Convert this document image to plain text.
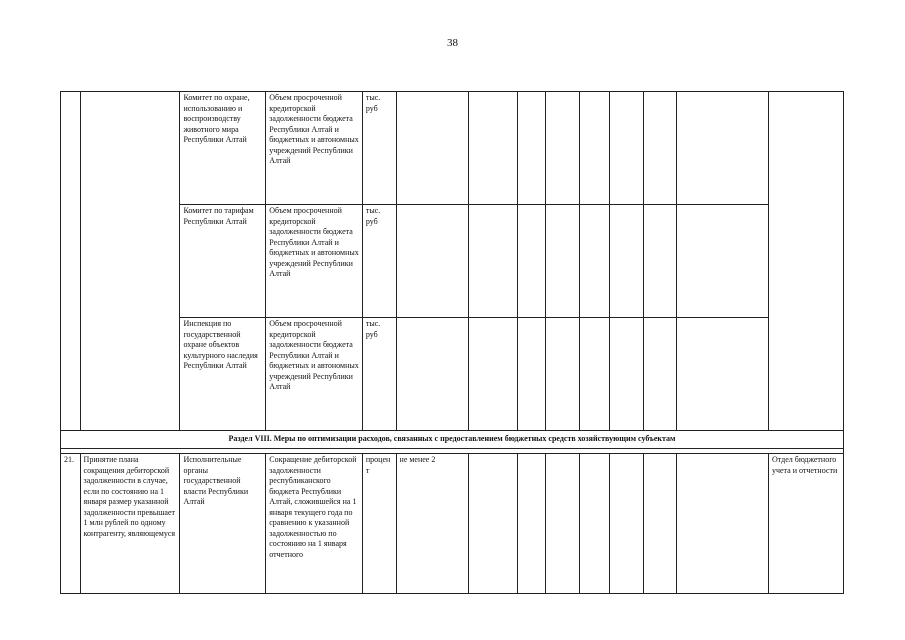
38

		Комитет по охране, использованию и воспроизводству животного мира Республики Алтай	Объем просроченной кредиторской задолженности бюджета Республики Алтай и бюджетных и автономных учреждений Республики Алтай	тыс. руб									

		Комитет по тарифам Республики Алтай	Объем просроченной кредиторской задолженности бюджета Республики Алтай и бюджетных и автономных учреждений Республики Алтай	тыс. руб									

		Инспекция по государственной охране объектов культурного наследия Республики Алтай	Объем просроченной кредиторской задолженности бюджета Республики Алтай и бюджетных и автономных учреждений Республики Алтай	тыс. руб									

Раздел VIII. Меры по оптимизации расходов, связанных с предоставлением бюджетных средств хозяйствующим субъектам													

21.	Принятие плана сокращения дебиторской задолженности в случае, если по состоянию на 1 января размер указанной задолженности превышает 1 млн рублей по одному контрагенту, являющемуся	Исполнительные органы государственной власти Республики Алтай	Сокращение дебиторской задолженности республиканского бюджета Республики Алтай, сложившейся на 1 января текущего года по сравнению к указанной задолженностью по состоянию на 1 января отчетного	процен т	не менее 2								Отдел бюджетного учета и отчетности
